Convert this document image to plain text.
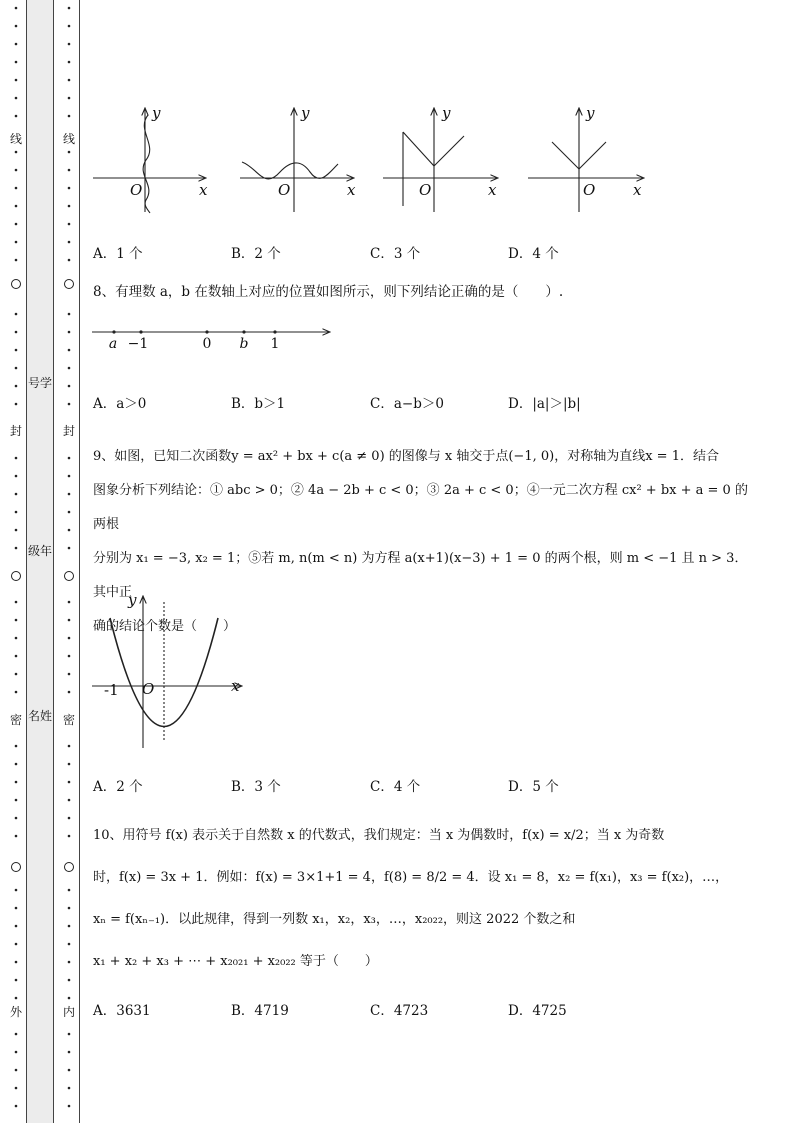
号学
级年
名姓
线
封
密
外
线
封
密
内
y
x
O
y
x
O
y
x
O
y
x
O
A．1 个	B．2 个	C．3 个	D．4 个
8、有理数 a，b 在数轴上对应的位置如图所示，则下列结论正确的是（　　）.
a −1	0 b 1
A．a＞0	B．b＞1	C．a−b＞0	D．|a|＞|b|
9、如图，已知二次函数y = ax² + bx + c(a ≠ 0) 的图像与 x 轴交于点(−1, 0)，对称轴为直线x = 1．结合
图象分析下列结论：① abc > 0；② 4a − 2b + c < 0；③ 2a + c < 0；④一元二次方程 cx² + bx + a = 0 的两根
分别为 x₁ = −3, x₂ = 1；⑤若 m, n(m < n) 为方程 a(x+1)(x−3) + 1 = 0 的两个根，则 m < −1 且 n > 3．其中正
确的结论个数是（　　）
y
x
O
-1
A．2 个	B．3 个	C．4 个	D．5 个
10、用符号 f(x) 表示关于自然数 x 的代数式，我们规定：当 x 为偶数时，f(x) = x/2；当 x 为奇数
时，f(x) = 3x + 1．例如：f(x) = 3×1+1 = 4，f(8) = 8/2 = 4．设 x₁ = 8，x₂ = f(x₁)，x₃ = f(x₂)，…，
xₙ = f(xₙ₋₁)．以此规律，得到一列数 x₁，x₂，x₃，…，x₂₀₂₂，则这 2022 个数之和
x₁ + x₂ + x₃ + ⋯ + x₂₀₂₁ + x₂₀₂₂ 等于（　　）
A．3631	B．4719	C．4723	D．4725
